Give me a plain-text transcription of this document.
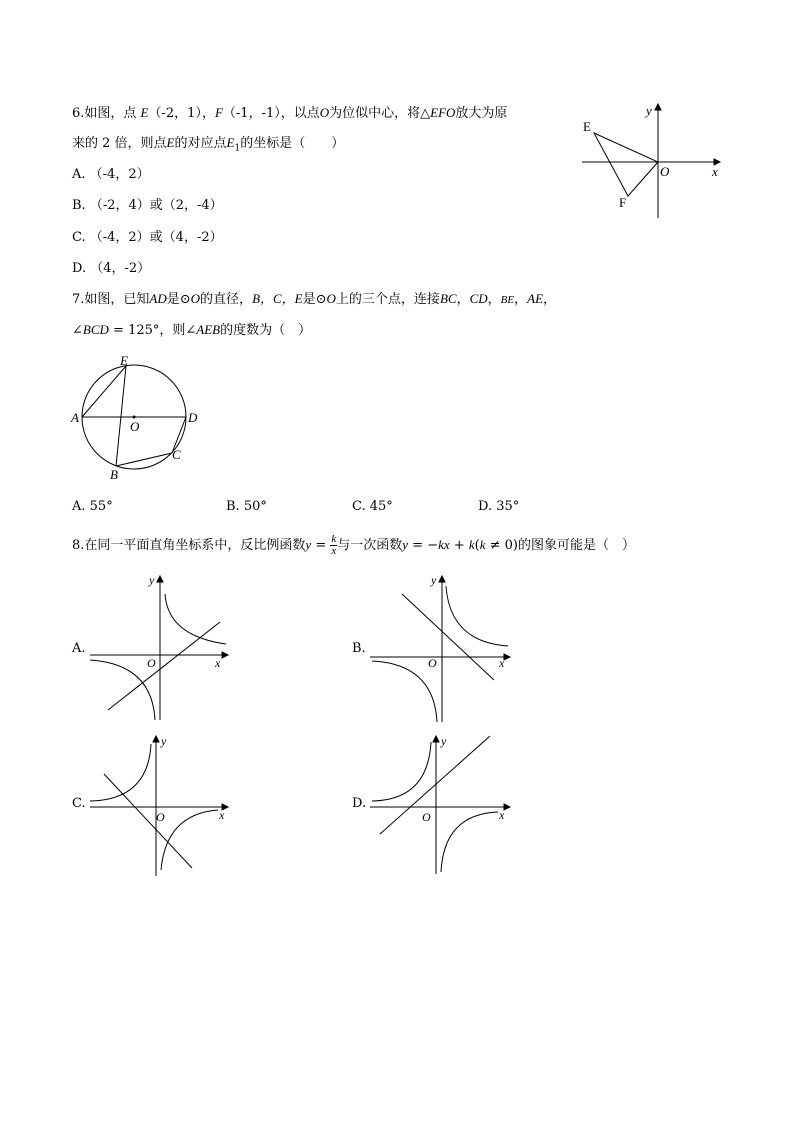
6.如图，点 E（-2，1），F（-1，-1），以点O为位似中心，将△EFO放大为原
来的 2 倍，则点E的对应点$E_1$的坐标是（　　）
A. （-4，2）
B. （-2，4）或（2，-4）
C. （-4，2）或（4，-2）
D. （4，-2）
E
F
O	x
y
7.如图，已知AD是⊙O的直径，B，C，E是⊙O上的三个点，连接BC，CD，BE，AE，
∠BCD = 125°，则∠AEB的度数为（　）
E
A	D
O
C
B
A. 55°	B. 50°	C. 45°	D. 35°
8.在同一平面直角坐标系中，反比例函数$y = \frac{k}{x}$ 与一次函数y = −kx + k(k ≠ 0)的图象可能是（　）
A.
y
O	x
B.
y
O	x
C.
y
O	x
D.
y
O	x
